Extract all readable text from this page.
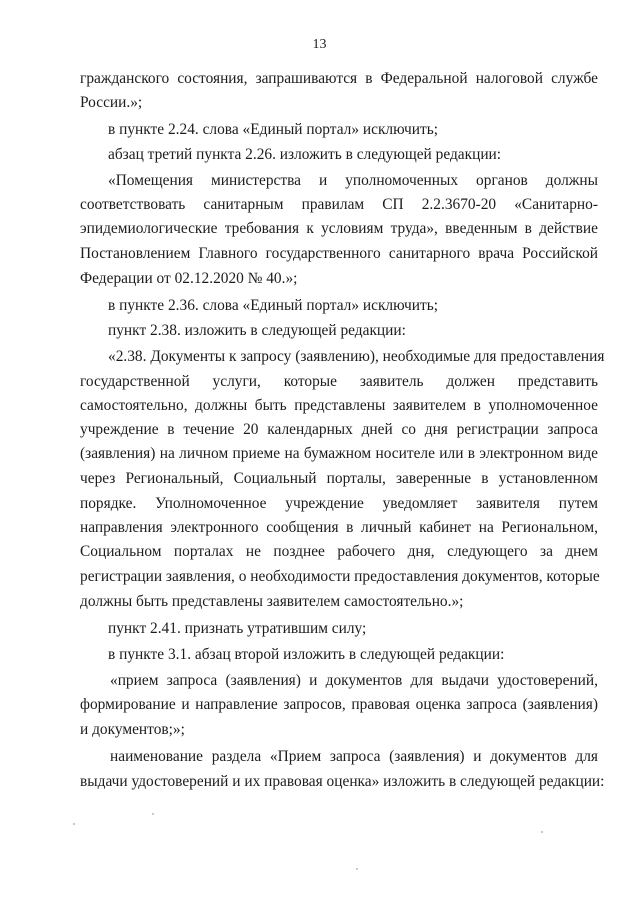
13
гражданского состояния, запрашиваются в Федеральной налоговой службе
России.»;
в пункте 2.24. слова «Единый портал» исключить;
абзац третий пункта 2.26. изложить в следующей редакции:
«Помещения министерства и уполномоченных органов должны
соответствовать санитарным правилам СП 2.2.3670-20 «Санитарно-
эпидемиологические требования к условиям труда», введенным в действие
Постановлением Главного государственного санитарного врача Российской
Федерации от 02.12.2020 № 40.»;
в пункте 2.36. слова «Единый портал» исключить;
пункт 2.38. изложить в следующей редакции:
«2.38. Документы к запросу (заявлению), необходимые для предоставления
государственной услуги, которые заявитель должен представить
самостоятельно, должны быть представлены заявителем в уполномоченное
учреждение в течение 20 календарных дней со дня регистрации запроса
(заявления) на личном приеме на бумажном носителе или в электронном виде
через Региональный, Социальный порталы, заверенные в установленном
порядке. Уполномоченное учреждение уведомляет заявителя путем
направления электронного сообщения в личный кабинет на Региональном,
Социальном порталах не позднее рабочего дня, следующего за днем
регистрации заявления, о необходимости предоставления документов, которые
должны быть представлены заявителем самостоятельно.»;
пункт 2.41. признать утратившим силу;
в пункте 3.1. абзац второй изложить в следующей редакции:
«прием запроса (заявления) и документов для выдачи удостоверений,
формирование и направление запросов, правовая оценка запроса (заявления)
и документов;»;
наименование раздела «Прием запроса (заявления) и документов для
выдачи удостоверений и их правовая оценка» изложить в следующей редакции:
